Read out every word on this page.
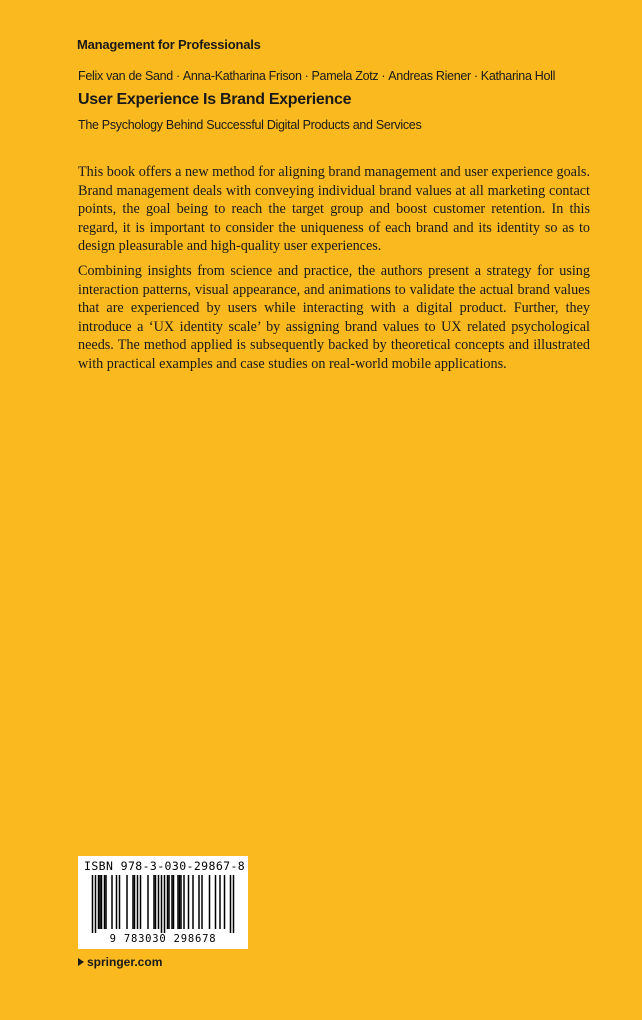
Management for Professionals
Felix van de Sand · Anna-Katharina Frison · Pamela Zotz · Andreas Riener · Katharina Holl
User Experience Is Brand Experience
The Psychology Behind Successful Digital Products and Services

This book offers a new method for aligning brand management and user experience goals. Brand management deals with conveying individual brand values at all marketing contact points, the goal being to reach the target group and boost customer retention. In this regard, it is important to consider the uniqueness of each brand and its identity so as to design pleasurable and high-quality user experiences.

Combining insights from science and practice, the authors present a strategy for using interaction patterns, visual appearance, and animations to validate the actual brand values that are experienced by users while interacting with a digital product. Further, they introduce a ‘UX identity scale’ by assigning brand values to UX related psychological needs. The method applied is subsequently backed by theoretical concepts and illustrated with practical examples and case studies on real-world mobile applications.

ISBN 978-3-030-29867-8
9 783030 298678
springer.com
